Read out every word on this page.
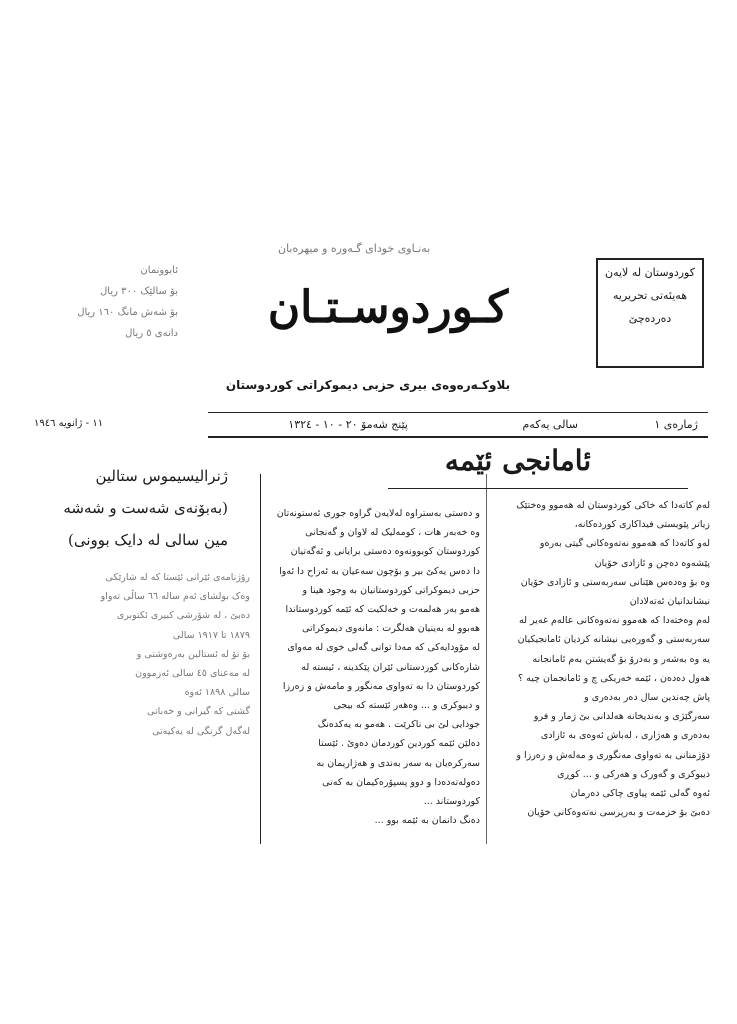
بەنـاوی خودای گـەورە و میهرەبان
کـوردوسـتـان
کوردوستان لە لایەن
هەیئەتی تحریریه
دەردەچێ
ئابوونمان
بۆ سالێک ٣٠٠ ریال
بۆ شەش مانگ ١٦٠ ریال
دانەی ٥ ریال
بلاوکـەرەوەی بیری حزبی دیموکراتی کوردوستان
ژمارەی ١
سالی یەکەم
پێنج شەمۆ ٢٠ - ١٠ - ١٣٢٤
١١ - ژانویه ١٩٤٦
ئامانجی ئێمە
ژنرالیسیموس ستالین
(بەبۆنەی شەست و شەشه
مین سالی لە دایک بوونی)
لەم کاتەدا کە خاکی کوردوستان لە هەموو وەختێک
زیاتر پێویستی فیداکاری کوردەکانە،
لەو کاتەدا کە هەموو نەتەوەکانی گیتی بەرەو
پێشەوە دەچن و ئازادی خۆیان
وە بۆ وەدەس هێنانی سەربەستی و ئازادی خۆیان
نیشاندانیان ئەتەلادان
لەم وەختەدا کە هەموو نەتەوەکانی عالەم غەیر لە
سەربەستی و گەورەیی نیشانە کردیان ئامانجیکیان
یە وە بەشەر و بەدرۆ بۆ گەیشتن بەم ئامانجانە
هەول دەدەن ، ئێمە خەریکی چ و ئامانجمان چیه ؟
پاش چەندین سال دەر بەدەری و
سەرگێژی و بەندیخانە هەلدانی بێ ژمار و فرو
بەدەری و هەژاری ، لەباش ئەوەی بە ئازادی
دۆژمنانی بە تەواوی مەنگوری و مەلەش و زەرزا و
دیبوکری و گەورک و هەرکی و ... کوڕی
ئەوە گەلی ئێمە پیاوی چاکی دەرمان
دەبێ بۆ خزمەت و بەرپرسی نەتەوەکانی خۆیان
و دەستی بەستراوە لەلایەن گراوە جوری ئەستونەتان
وە خەبەر هات ، کومەلیک لە لاوان و گەنجانی
کوردوستان کوبوونەوە دەستی برایانی و ئەگەتیان
دا دەس یەکێ بیر و بۆچون سەعیان بە ئەزاح دا ئەوا
حزبی دیموکراتی کوردوستانیان بە وجود هینا و
هەمو بەر هەلمەت و خەلکیت کە ئێمە کوردوستاندا
هەبوو لە بەینیان هەلگرت : مانەوی دیموکراتی
لە مۆودایەکی کە مەدا توانی گەلی خوی لە مەوای
شارەکانی کوردستانی ئێران پێکدینه ، ئیسته لە
کوردوستان دا بە تەواوی مەنگور و مامەش و زەرزا
و دیبوکری و ... وەهەر ئێستە کە بیجی
جودایی لێ بی ناکرێت . هەمو بە یەکدەنگ
دەلێن ئێمە کوردین کوردمان دەوێ . ئێستا
سەرکرەیان بە سەر بەندی و هەژاریمان بە
دەولەتەدەدا و دوو پسپۆرەکیمان بە کەتی
کوردوستاند ...
دەنگ دانمان بە ئێمە بوو ...
رۆژنامەی ئێرانی ئێستا کە لە شارێکی
وەک بولشای ئەم سالە ٦٦ ساڵی تەواو
دەبێ ، لە شۆرشی کبیری ئکتوبری
١٨٧٩ تا ١٩١٧ سالی
بۆ تۆ لە ئستالین بەرەوشتی و
لە مەعنای ٤٥ سالی ئەزموون
سالی ١٨٩٨ ئەوە
گشتی کە گیرانی و خەباتی
لەگەل گرنگی لە یەکیەتی
